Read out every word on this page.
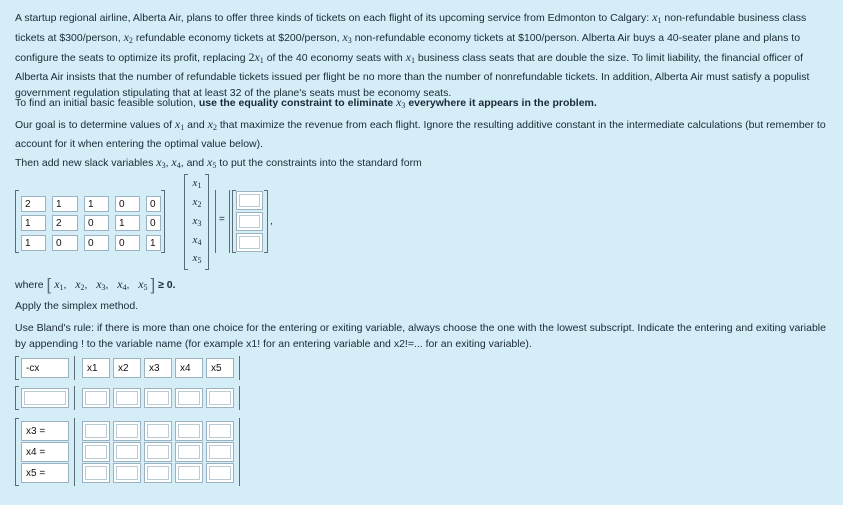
A startup regional airline, Alberta Air, plans to offer three kinds of tickets on each flight of its upcoming service from Edmonton to Calgary: $x_1$ non-refundable business class tickets at $300/person, $x_2$ refundable economy tickets at $200/person, $x_3$ non-refundable economy tickets at $100/person. Alberta Air buys a 40-seater plane and plans to configure the seats to optimize its profit, replacing $2x_1$ of the 40 economy seats with $x_1$ business class seats that are double the size. To limit liability, the financial officer of Alberta Air insists that the number of refundable tickets issued per flight be no more than the number of nonrefundable tickets. In addition, Alberta Air must satisfy a populist government regulation stipulating that at least 32 of the plane's seats must be economy seats.

To find an initial basic feasible solution, use the equality constraint to eliminate $x_3$ everywhere it appears in the problem.

Our goal is to determine values of $x_1$ and $x_2$ that maximize the revenue from each flight. Ignore the resulting additive constant in the intermediate calculations (but remember to account for it when entering the optimal value below).

Then add new slack variables $x_3$, $x_4$, and $x_5$ to put the constraints into the standard form

2	1	1	0	0
1	2	0	1	0
1	0	0	0	1
$x_1$
$x_2$
$x_3$
$x_4$
$x_5$
=	,
where [ $x_1$,   $x_2$,   $x_3$,   $x_4$,   $x_5$ ] ≥ 0.

Apply the simplex method.

Use Bland's rule: if there is more than one choice for the entering or exiting variable, always choose the one with the lowest subscript. Indicate the entering and exiting variable by appending ! to the variable name (for example x1! for an entering variable and x2!=... for an exiting variable).

-cx	x1	x2	x3	x4	x5
x3 =
x4 =
x5 =
